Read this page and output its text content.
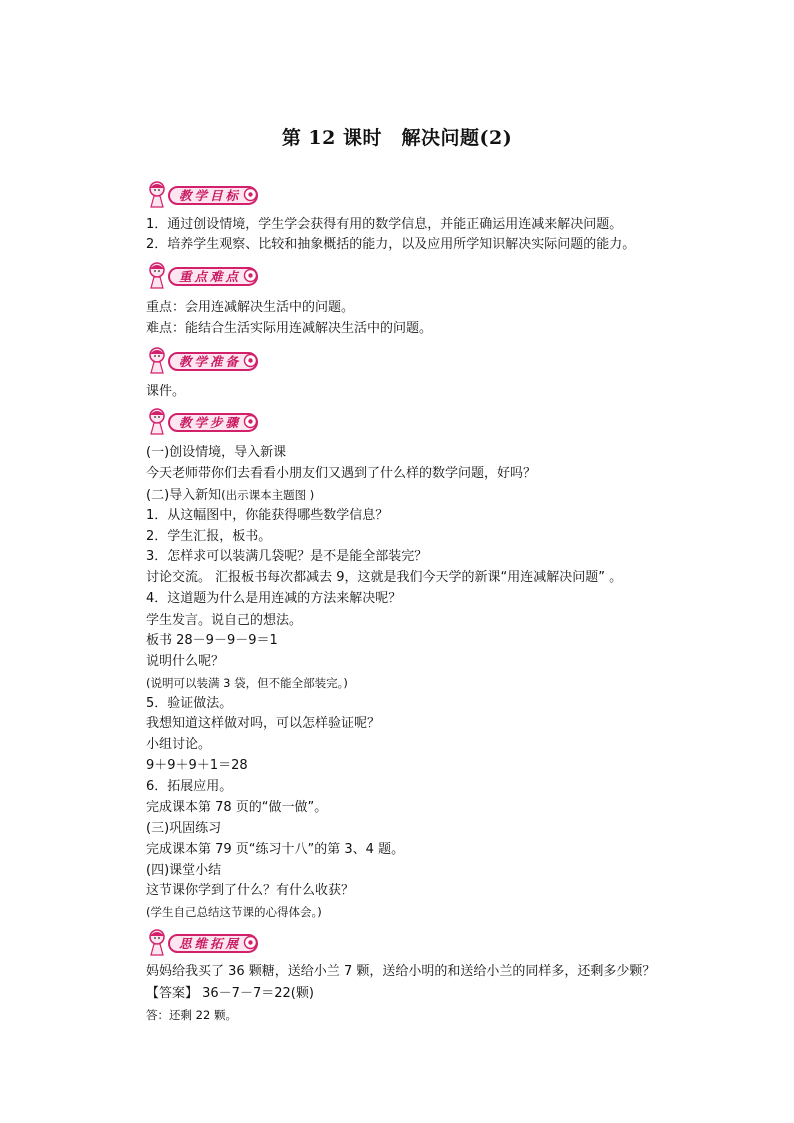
第 12 课时　解决问题(2)
教学目标
1．通过创设情境，学生学会获得有用的数学信息，并能正确运用连减来解决问题。
2．培养学生观察、比较和抽象概括的能力，以及应用所学知识解决实际问题的能力。
重点难点
重点：会用连减解决生活中的问题。
难点：能结合生活实际用连减解决生活中的问题。
教学准备
课件。
教学步骤
(一)创设情境，导入新课
今天老师带你们去看看小朋友们又遇到了什么样的数学问题，好吗？
(二)导入新知(出示课本主题图 )
1．从这幅图中，你能获得哪些数学信息？
2．学生汇报，板书。
3．怎样求可以装满几袋呢？是不是能全部装完？
讨论交流。 汇报板书每次都减去 9，这就是我们今天学的新课“用连减解决问题” 。
4．这道题为什么是用连减的方法来解决呢？
学生发言。说自己的想法。
板书 28－9－9－9＝1
说明什么呢？
(说明可以装满 3 袋，但不能全部装完。)
5．验证做法。
我想知道这样做对吗，可以怎样验证呢？
小组讨论。
9＋9＋9＋1＝28
6．拓展应用。
完成课本第 78 页的“做一做”。
(三)巩固练习
完成课本第 79 页“练习十八”的第 3、4 题。
(四)课堂小结
这节课你学到了什么？有什么收获？
(学生自己总结这节课的心得体会。)
思维拓展
妈妈给我买了 36 颗糖，送给小兰 7 颗，送给小明的和送给小兰的同样多，还剩多少颗？
【答案】 36－7－7＝22(颗)
答：还剩 22 颗。
